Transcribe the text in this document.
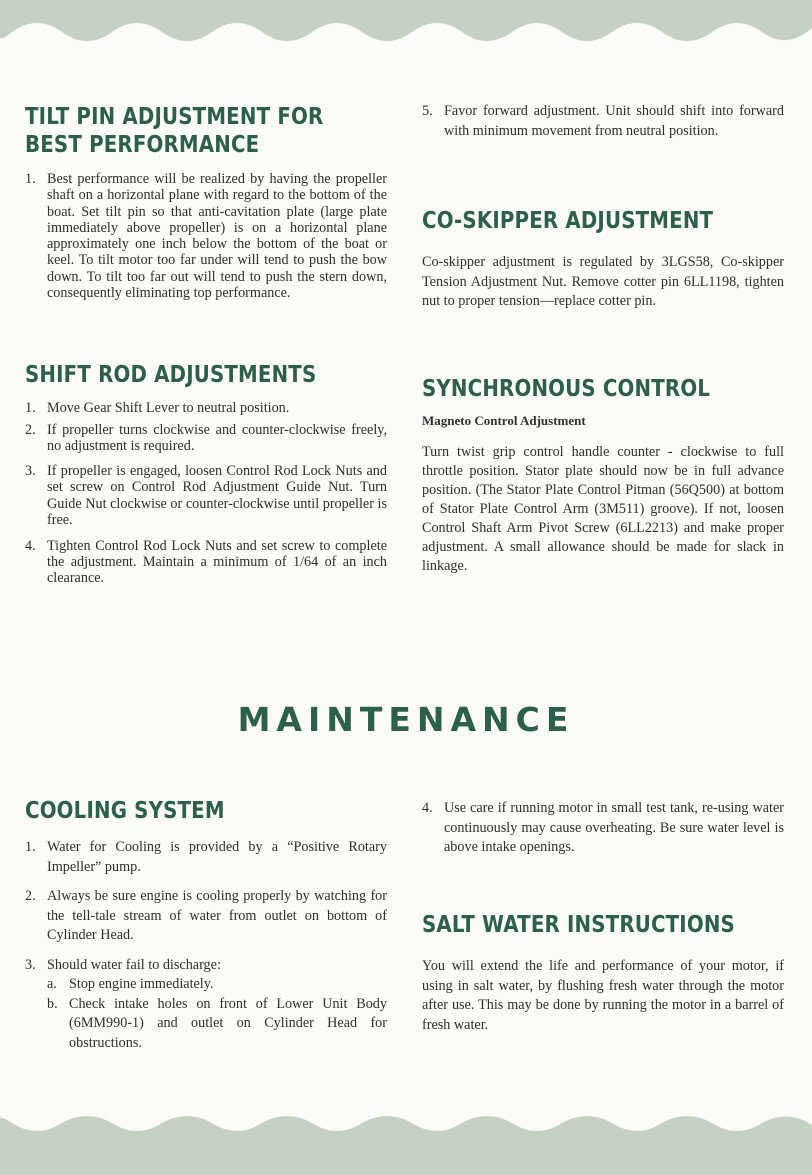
TILT PIN ADJUSTMENT FOR
BEST PERFORMANCE
1. Best performance will be realized by having the propeller shaft on a horizontal plane with regard to the bottom of the boat. Set tilt pin so that anti-cavitation plate (large plate immediately above propeller) is on a horizontal plane approximately one inch below the bottom of the boat or keel. To tilt motor too far under will tend to push the bow down. To tilt too far out will tend to push the stern down, consequently eliminating top performance.
SHIFT ROD ADJUSTMENTS
1. Move Gear Shift Lever to neutral position.
2. If propeller turns clockwise and counter-clockwise freely, no adjustment is required.
3. If propeller is engaged, loosen Control Rod Lock Nuts and set screw on Control Rod Adjustment Guide Nut. Turn Guide Nut clockwise or counter-clockwise until propeller is free.
4. Tighten Control Rod Lock Nuts and set screw to complete the adjustment. Maintain a minimum of 1/64 of an inch clearance.
5. Favor forward adjustment. Unit should shift into forward with minimum movement from neutral position.
CO-SKIPPER ADJUSTMENT

Co-skipper adjustment is regulated by 3LGS58, Co-skipper Tension Adjustment Nut. Remove cotter pin 6LL1198, tighten nut to proper tension—replace cotter pin.

SYNCHRONOUS CONTROL
Magneto Control Adjustment

Turn twist grip control handle counter - clockwise to full throttle position. Stator plate should now be in full advance position. (The Stator Plate Control Pitman (56Q500) at bottom of Stator Plate Control Arm (3M511) groove). If not, loosen Control Shaft Arm Pivot Screw (6LL2213) and make proper adjustment. A small allowance should be made for slack in linkage.

MAINTENANCE
COOLING SYSTEM
1. Water for Cooling is provided by a “Positive Rotary Impeller” pump.
2. Always be sure engine is cooling properly by watching for the tell-tale stream of water from outlet on bottom of Cylinder Head.
3. Should water fail to discharge:
a. Stop engine immediately.
b. Check intake holes on front of Lower Unit Body (6MM990-1) and outlet on Cylinder Head for obstructions.
4. Use care if running motor in small test tank, re-using water continuously may cause overheating. Be sure water level is above intake openings.
SALT WATER INSTRUCTIONS

You will extend the life and performance of your motor, if using in salt water, by flushing fresh water through the motor after use. This may be done by running the motor in a barrel of fresh water.
